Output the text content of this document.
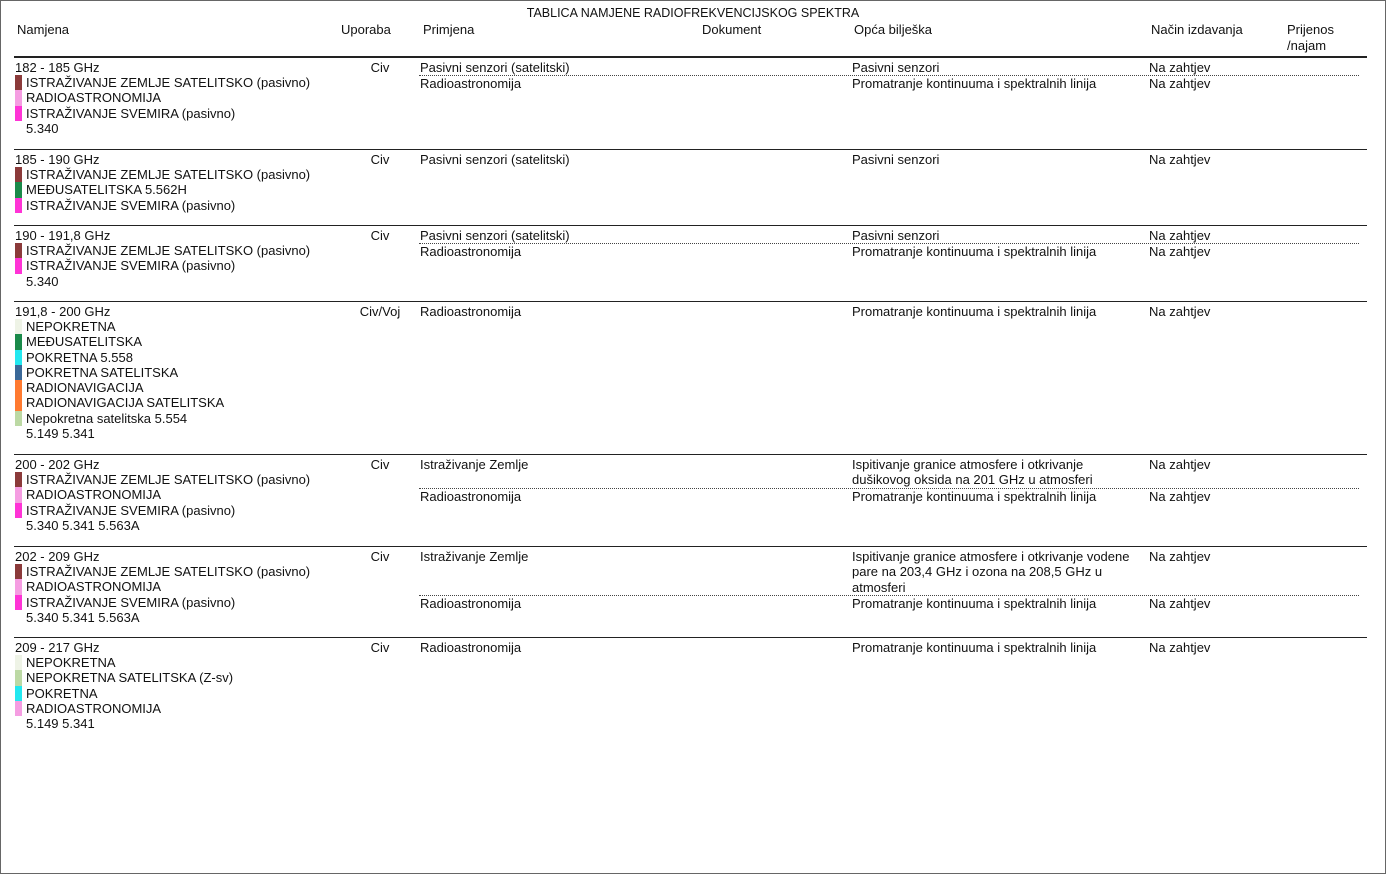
TABLICA NAMJENE RADIOFREKVENCIJSKOG SPEKTRA
Namjena	Uporaba Primjena	Dokument	Opća bilješka	Način izdavanja	Prijenos /najam
182 - 185 GHz
ISTRAŽIVANJE ZEMLJE SATELITSKO (pasivno)
RADIOASTRONOMIJA
ISTRAŽIVANJE SVEMIRA (pasivno)
5.340
Civ	Pasivni senzori (satelitski)	Pasivni senzori	Na zahtjev
Radioastronomija	Promatranje kontinuuma i spektralnih linija	Na zahtjev
185 - 190 GHz
ISTRAŽIVANJE ZEMLJE SATELITSKO (pasivno)
MEĐUSATELITSKA 5.562H
ISTRAŽIVANJE SVEMIRA (pasivno)
Civ	Pasivni senzori (satelitski)	Pasivni senzori	Na zahtjev
190 - 191,8 GHz
ISTRAŽIVANJE ZEMLJE SATELITSKO (pasivno)
ISTRAŽIVANJE SVEMIRA (pasivno)
5.340
Civ	Pasivni senzori (satelitski)	Pasivni senzori	Na zahtjev
Radioastronomija	Promatranje kontinuuma i spektralnih linija	Na zahtjev
191,8 - 200 GHz
NEPOKRETNA
MEĐUSATELITSKA
POKRETNA 5.558
POKRETNA SATELITSKA
RADIONAVIGACIJA
RADIONAVIGACIJA SATELITSKA
Nepokretna satelitska 5.554
5.149 5.341
Civ/Voj	Radioastronomija	Promatranje kontinuuma i spektralnih linija	Na zahtjev
200 - 202 GHz
ISTRAŽIVANJE ZEMLJE SATELITSKO (pasivno)
RADIOASTRONOMIJA
ISTRAŽIVANJE SVEMIRA (pasivno)
5.340 5.341 5.563A
Civ	Istraživanje Zemlje	Ispitivanje granice atmosfere i otkrivanje dušikovog oksida na 201 GHz u atmosferi
Na zahtjev
Radioastronomija	Promatranje kontinuuma i spektralnih linija	Na zahtjev
202 - 209 GHz
ISTRAŽIVANJE ZEMLJE SATELITSKO (pasivno)
RADIOASTRONOMIJA
ISTRAŽIVANJE SVEMIRA (pasivno)
5.340 5.341 5.563A
Civ	Istraživanje Zemlje	Ispitivanje granice atmosfere i otkrivanje vodene pare na 203,4 GHz i ozona na 208,5 GHz u atmosferi
Na zahtjev
Radioastronomija	Promatranje kontinuuma i spektralnih linija	Na zahtjev
209 - 217 GHz
NEPOKRETNA
NEPOKRETNA SATELITSKA (Z-sv)
POKRETNA
RADIOASTRONOMIJA
5.149 5.341
Civ	Radioastronomija	Promatranje kontinuuma i spektralnih linija	Na zahtjev
